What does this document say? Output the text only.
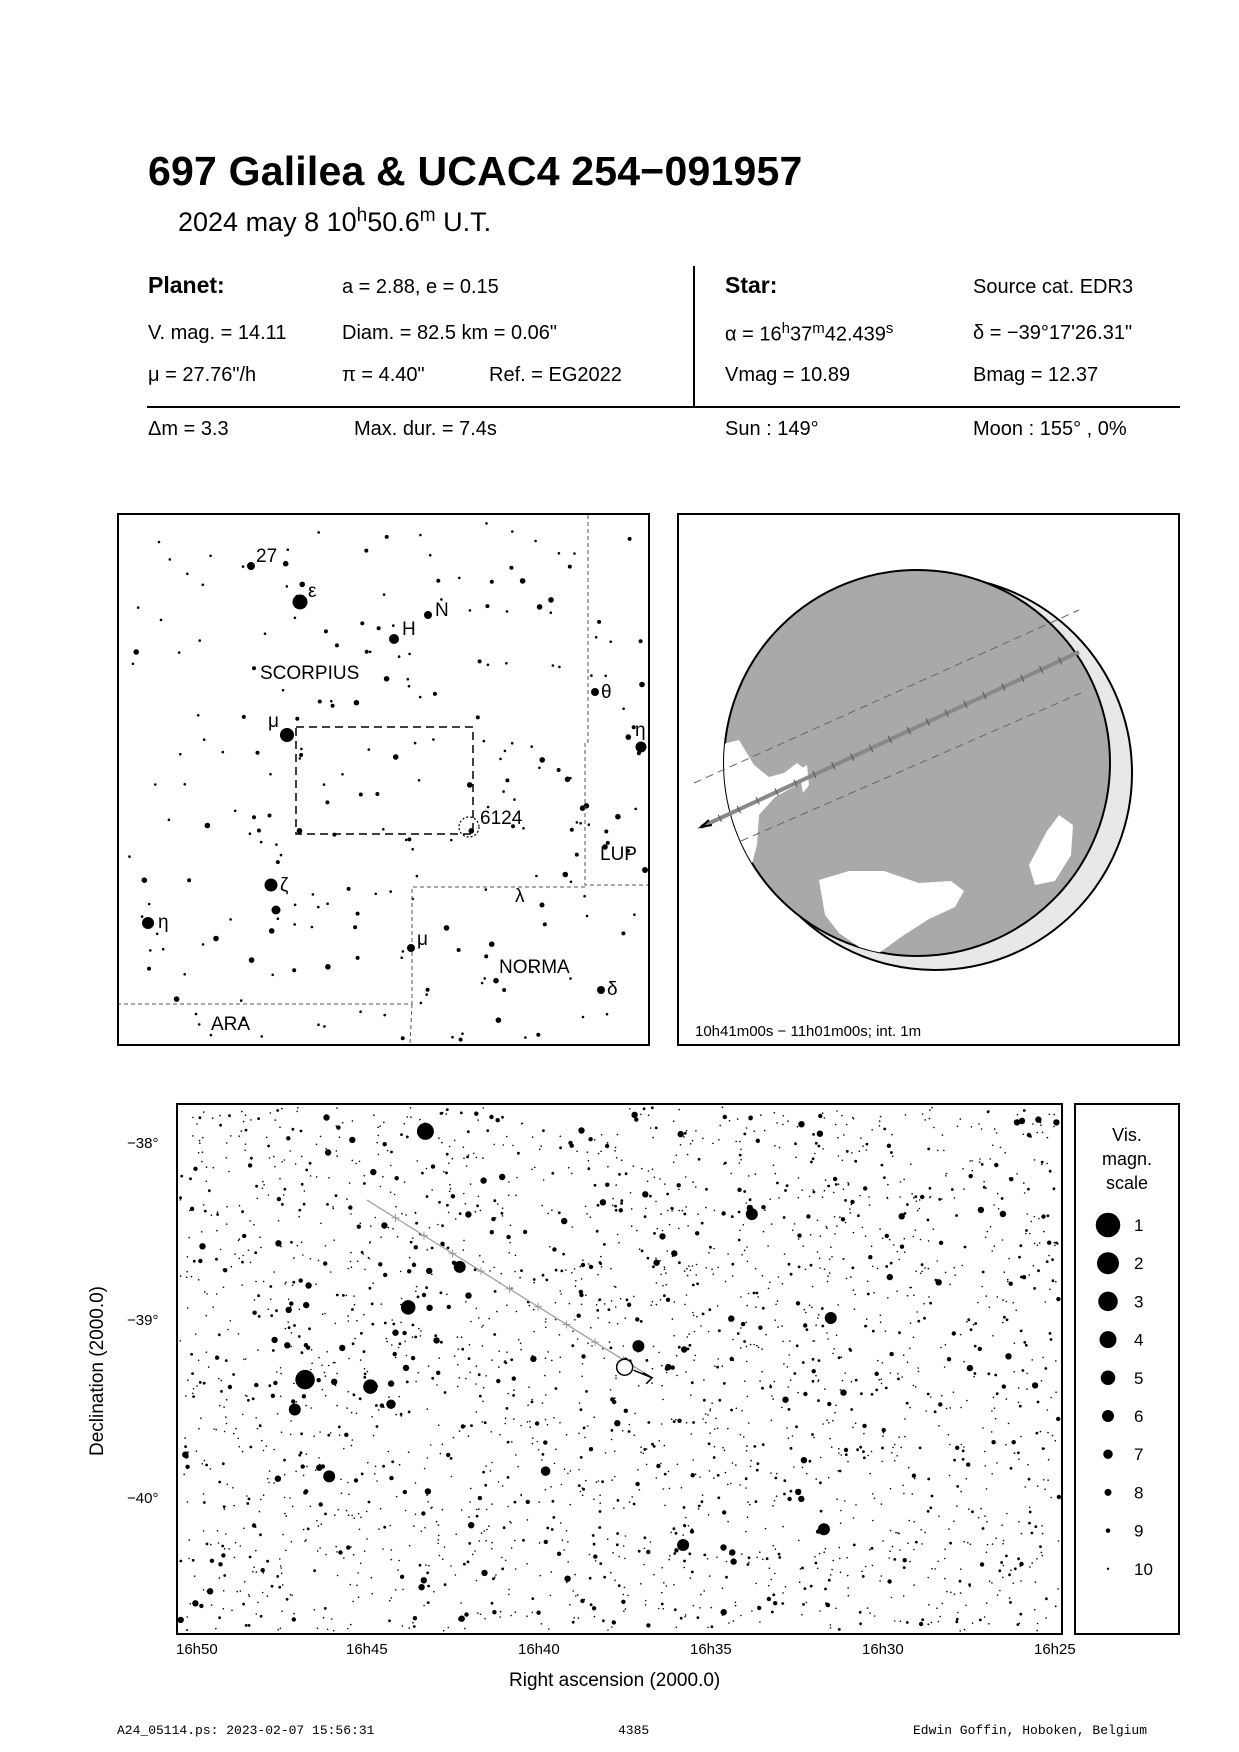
697 Galilea & UCAC4 254−091957
2024 may 8 10$^h$50.6$^m$ U.T.
Planet:	a = 2.88, e = 0.15
V. mag. = 14.11	Diam. = 82.5 km = 0.06"
μ = 27.76"/h	π = 4.40"	Ref. = EG2022
Star:	Source cat. EDR3
$\alpha = 16^h37^m42.439^s$	δ = −39°17'26.31"
Vmag = 10.89	Bmag = 12.37
Δm = 3.3	Max. dur. = 7.4s	Sun : 149°	Moon : 155° , 0%
27
ε
H
N
SCORPIUS
θ
μ	η
6124
LUP
ζ
λ
η
μ
NORMA
δ
ARA	10h41m00s − 11h01m00s; int. 1m
−38°
−39°
−40°
16h50	16h45	16h40	16h35	16h30	16h25
Right ascension (2000.0)
Declination (2000.0)
Vis.
magn.
scale
1
2
3
4
5
6
7
8
9
10
A24_05114.ps: 2023-02-07 15:56:31	4385	Edwin Goffin, Hoboken, Belgium
